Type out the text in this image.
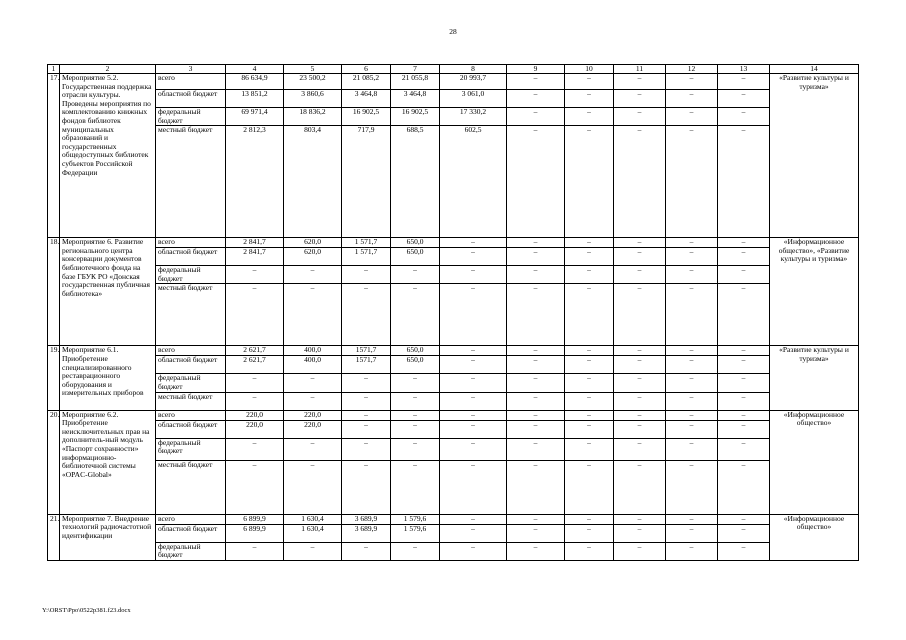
28
1	2	3	4	5	6	7	8	9	10	11	12	13	14
17.	Мероприятие 5.2. Государственная поддержка отрасли культуры. Проведены мероприятия по комплектованию книжных фондов библиотек муниципальных образований и государственных общедоступных библиотек субъектов Российской Федерации	всего	86 634,9	23 500,2	21 085,2	21 055,8	20 993,7	–	–	–	–	–	«Развитие культуры и туризма»
		областной бюджет	13 851,2	3 860,6	3 464,8	3 464,8	3 061,0	–	–	–	–	–	
		федеральный бюджет	69 971,4	18 836,2	16 902,5	16 902,5	17 330,2	–	–	–	–	–	
		местный бюджет	2 812,3	803,4	717,9	688,5	602,5	–	–	–	–	–	
18.	Мероприятие 6. Развитие регионального центра консервации документов библиотечного фонда на базе ГБУК РО «Донская государственная публичная библиотека»	всего	2 841,7	620,0	1 571,7	650,0	–	–	–	–	–	–	«Информационное общество», «Развитие культуры и туризма»
		областной бюджет	2 841,7	620,0	1 571,7	650,0	–	–	–	–	–	–	
		федеральный бюджет	–	–	–	–	–	–	–	–	–	–	
		местный бюджет	–	–	–	–	–	–	–	–	–	–	
19.	Мероприятие 6.1. Приобретение специализированного реставрационного оборудования и измерительных приборов	всего	2 621,7	400,0	1571,7	650,0	–	–	–	–	–	–	«Развитие культуры и туризма»
		областной бюджет	2 621,7	400,0	1571,7	650,0	–	–	–	–	–	–	
		федеральный бюджет	–	–	–	–	–	–	–	–	–	–	
		местный бюджет	–	–	–	–	–	–	–	–	–	–	
20.	Мероприятие 6.2. Приобретение неисключительных прав на дополнитель-ный модуль «Паспорт сохранности» информационно-библиотечной системы «OPAC-Global»	всего	220,0	220,0	–	–	–	–	–	–	–	–	«Информационное общество»
		областной бюджет	220,0	220,0	–	–	–	–	–	–	–	–	
		федеральный бюджет	–	–	–	–	–	–	–	–	–	–	
		местный бюджет	–	–	–	–	–	–	–	–	–	–	
21.	Мероприятие 7. Внедрение технологий радиочастотной идентификации	всего	6 899,9	1 630,4	3 689,9	1 579,6	–	–	–	–	–	–	«Информационное общество»
		областной бюджет	6 899,9	1 630,4	3 689,9	1 579,6	–	–	–	–	–	–	
		федеральный бюджет	–	–	–	–	–	–	–	–	–	–	
Y:\ORST\Ppo\0522p381.f23.docx
